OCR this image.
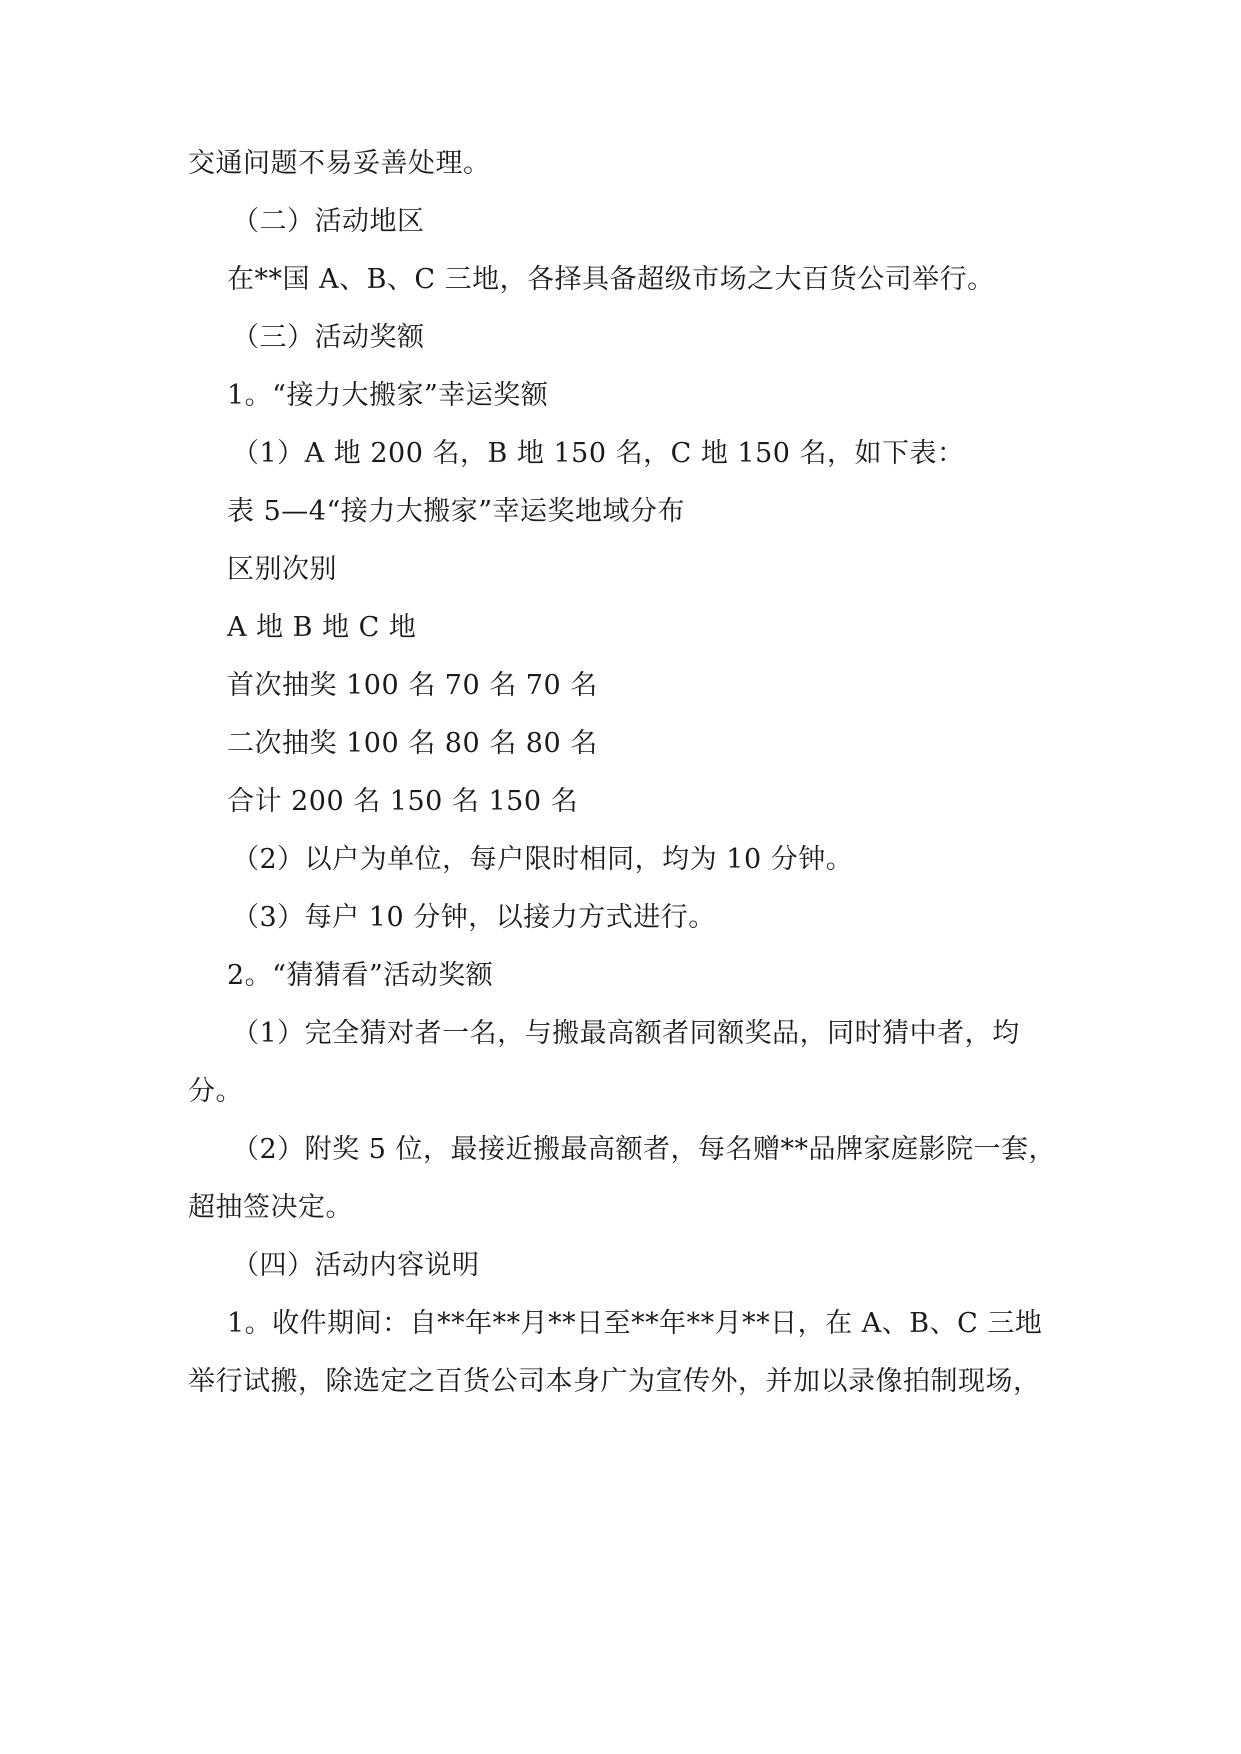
交通问题不易妥善处理。
（二）活动地区
在**国 A、B、C 三地，各择具备超级市场之大百货公司举行。
（三）活动奖额
1。“接力大搬家”幸运奖额
（1）A 地 200 名，B 地 150 名，C 地 150 名，如下表：
表 5—4“接力大搬家”幸运奖地域分布
区别次别
A 地 B 地 C 地
首次抽奖 100 名 70 名 70 名
二次抽奖 100 名 80 名 80 名
合计 200 名 150 名 150 名
（2）以户为单位，每户限时相同，均为 10 分钟。
（3）每户 10 分钟，以接力方式进行。
2。“猜猜看”活动奖额
（1）完全猜对者一名，与搬最高额者同额奖品，同时猜中者，均
分。
（2）附奖 5 位，最接近搬最高额者，每名赠**品牌家庭影院一套，
超抽签决定。
（四）活动内容说明
1。收件期间：自**年**月**日至**年**月**日，在 A、B、C 三地
举行试搬，除选定之百货公司本身广为宣传外，并加以录像拍制现场，
